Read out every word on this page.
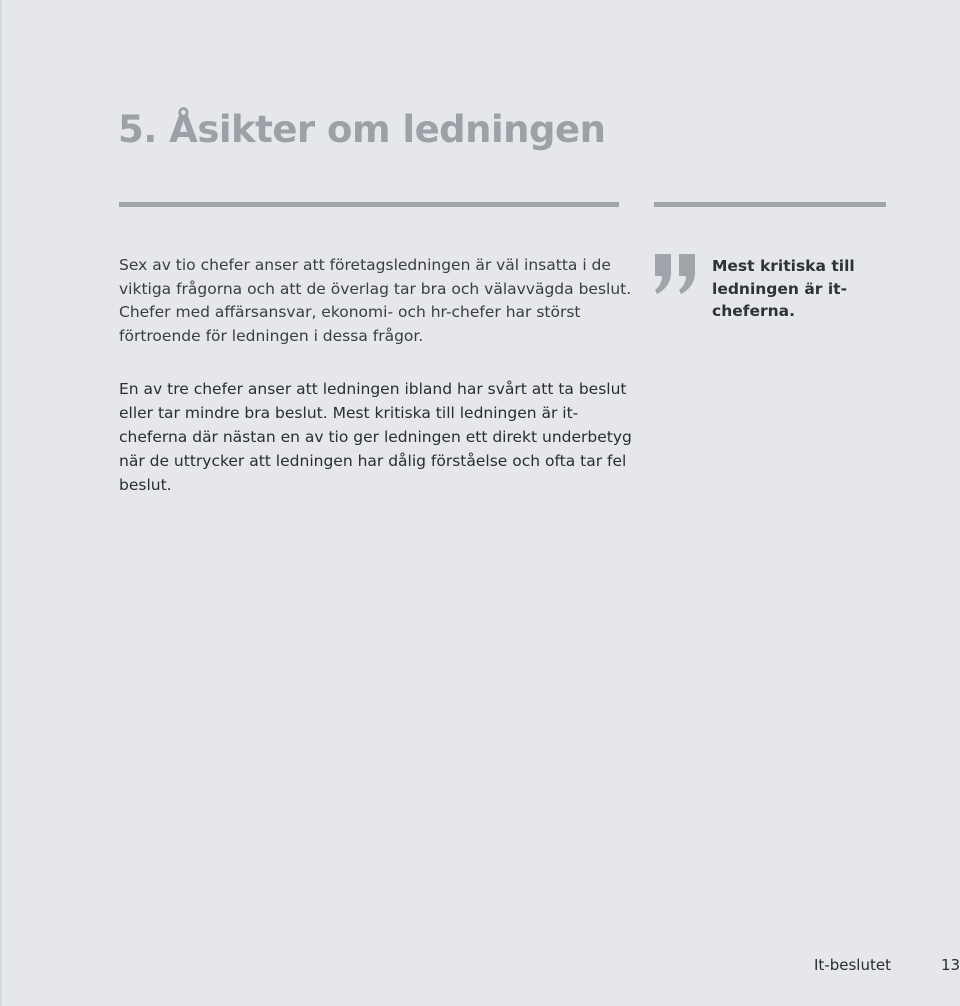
5. Åsikter om ledningen

Sex av tio chefer anser att företagsledningen är väl insatta i de viktiga frågorna och att de överlag tar bra och välavvägda beslut. Chefer med affärsansvar, ekonomi- och hr-chefer har störst förtroende för ledningen i dessa frågor.

Mest kritiska till ledningen är it-cheferna.

En av tre chefer anser att ledningen ibland har svårt att ta beslut eller tar mindre bra beslut. Mest kritiska till ledningen är it-cheferna där nästan en av tio ger ledningen ett direkt underbetyg när de uttrycker att ledningen har dålig förståelse och ofta tar fel beslut.

It-beslutet	13
